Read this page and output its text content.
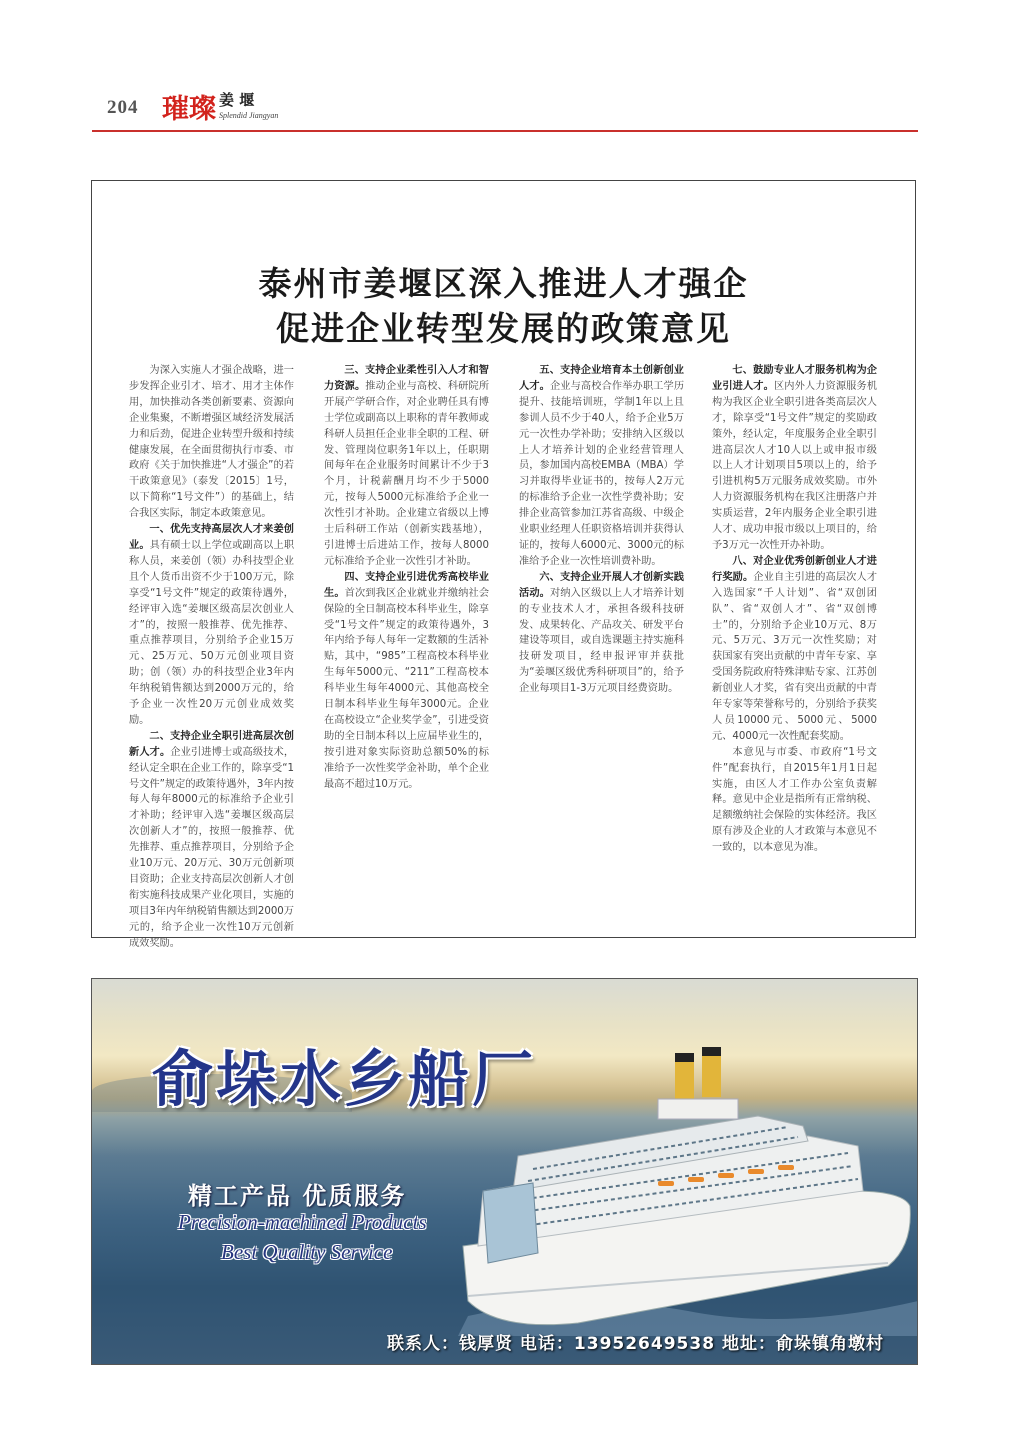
204 璀璨 姜 堰
Splendid Jiangyan
泰州市姜堰区深入推进人才强企
促进企业转型发展的政策意见

为深入实施人才强企战略，进一步发挥企业引才、培才、用才主体作用，加快推动各类创新要素、资源向企业集聚，不断增强区域经济发展活力和后劲，促进企业转型升级和持续健康发展，在全面贯彻执行市委、市政府《关于加快推进“人才强企”的若干政策意见》（泰发〔2015〕1号，以下简称“1号文件”）的基础上，结合我区实际，制定本政策意见。

一、优先支持高层次人才来姜创业。具有硕士以上学位或副高以上职称人员，来姜创（领）办科技型企业且个人货币出资不少于100万元，除享受“1号文件”规定的政策待遇外，经评审入选“姜堰区级高层次创业人才”的，按照一般推荐、优先推荐、重点推荐项目，分别给予企业15万元、25万元、50万元创业项目资助；创（领）办的科技型企业3年内年纳税销售额达到2000万元的，给予企业一次性20万元创业成效奖励。

二、支持企业全职引进高层次创新人才。企业引进博士或高级技术，经认定全职在企业工作的，除享受“1号文件”规定的政策待遇外，3年内按每人每年8000元的标准给予企业引才补助；经评审入选“姜堰区级高层次创新人才”的，按照一般推荐、优先推荐、重点推荐项目，分别给予企业10万元、20万元、30万元创新项目资助；企业支持高层次创新人才创衔实施科技成果产业化项目，实施的项目3年内年纳税销售额达到2000万元的，给予企业一次性10万元创新成效奖励。

三、支持企业柔性引入人才和智力资源。推动企业与高校、科研院所开展产学研合作，对企业聘任具有博士学位或副高以上职称的青年教师或科研人员担任企业非全职的工程、研发、管理岗位职务1年以上，任职期间每年在企业服务时间累计不少于3个月，计税薪酬月均不少于5000元，按每人5000元标准给予企业一次性引才补助。企业建立省级以上博士后科研工作站（创新实践基地），引进博士后进站工作，按每人8000元标准给予企业一次性引才补助。

四、支持企业引进优秀高校毕业生。首次到我区企业就业并缴纳社会保险的全日制高校本科毕业生，除享受“1号文件”规定的政策待遇外，3年内给予每人每年一定数额的生活补贴，其中，“985”工程高校本科毕业生每年5000元、“211”工程高校本科毕业生每年4000元、其他高校全日制本科毕业生每年3000元。企业在高校设立“企业奖学金”，引进受资助的全日制本科以上应届毕业生的，按引进对象实际资助总额50%的标准给予一次性奖学金补助，单个企业最高不超过10万元。

五、支持企业培育本土创新创业人才。企业与高校合作举办职工学历提升、技能培训班，学制1年以上且参训人员不少于40人，给予企业5万元一次性办学补助；安排纳入区级以上人才培养计划的企业经营管理人员，参加国内高校EMBA（MBA）学习并取得毕业证书的，按每人2万元的标准给予企业一次性学费补助；安排企业高管参加江苏省高级、中级企业职业经理人任职资格培训并获得认证的，按每人6000元、3000元的标准给予企业一次性培训费补助。

六、支持企业开展人才创新实践活动。对纳入区级以上人才培养计划的专业技术人才，承担各级科技研发、成果转化、产品攻关、研发平台建设等项目，或自选课题主持实施科技研发项目，经申报评审并获批为“姜堰区级优秀科研项目”的，给予企业每项目1-3万元项目经费资助。

七、鼓励专业人才服务机构为企业引进人才。区内外人力资源服务机构为我区企业全职引进各类高层次人才，除享受“1号文件”规定的奖励政策外，经认定，年度服务企业全职引进高层次人才10人以上或申报市级以上人才计划项目5项以上的，给予引进机构5万元服务成效奖励。市外人力资源服务机构在我区注册落户并实质运营，2年内服务企业全职引进人才、成功申报市级以上项目的，给予3万元一次性开办补助。

八、对企业优秀创新创业人才进行奖励。企业自主引进的高层次人才入选国家“千人计划”、省“双创团队”、省“双创人才”、省“双创博士”的，分别给予企业10万元、8万元、5万元、3万元一次性奖励；对获国家有突出贡献的中青年专家、享受国务院政府特殊津贴专家、江苏创新创业人才奖，省有突出贡献的中青年专家等荣誉称号的，分别给予获奖人员10000元、5000元、5000元、4000元一次性配套奖励。

本意见与市委、市政府“1号文件”配套执行，自2015年1月1日起实施，由区人才工作办公室负责解释。意见中企业是指所有正常纳税、足额缴纳社会保险的实体经济。我区原有涉及企业的人才政策与本意见不一致的，以本意见为准。

俞垛水乡船厂
精工产品 优质服务
Precision-machined Products
Best Quality Service
联系人：钱厚贤 电话：13952649538 地址：俞垛镇角墩村
